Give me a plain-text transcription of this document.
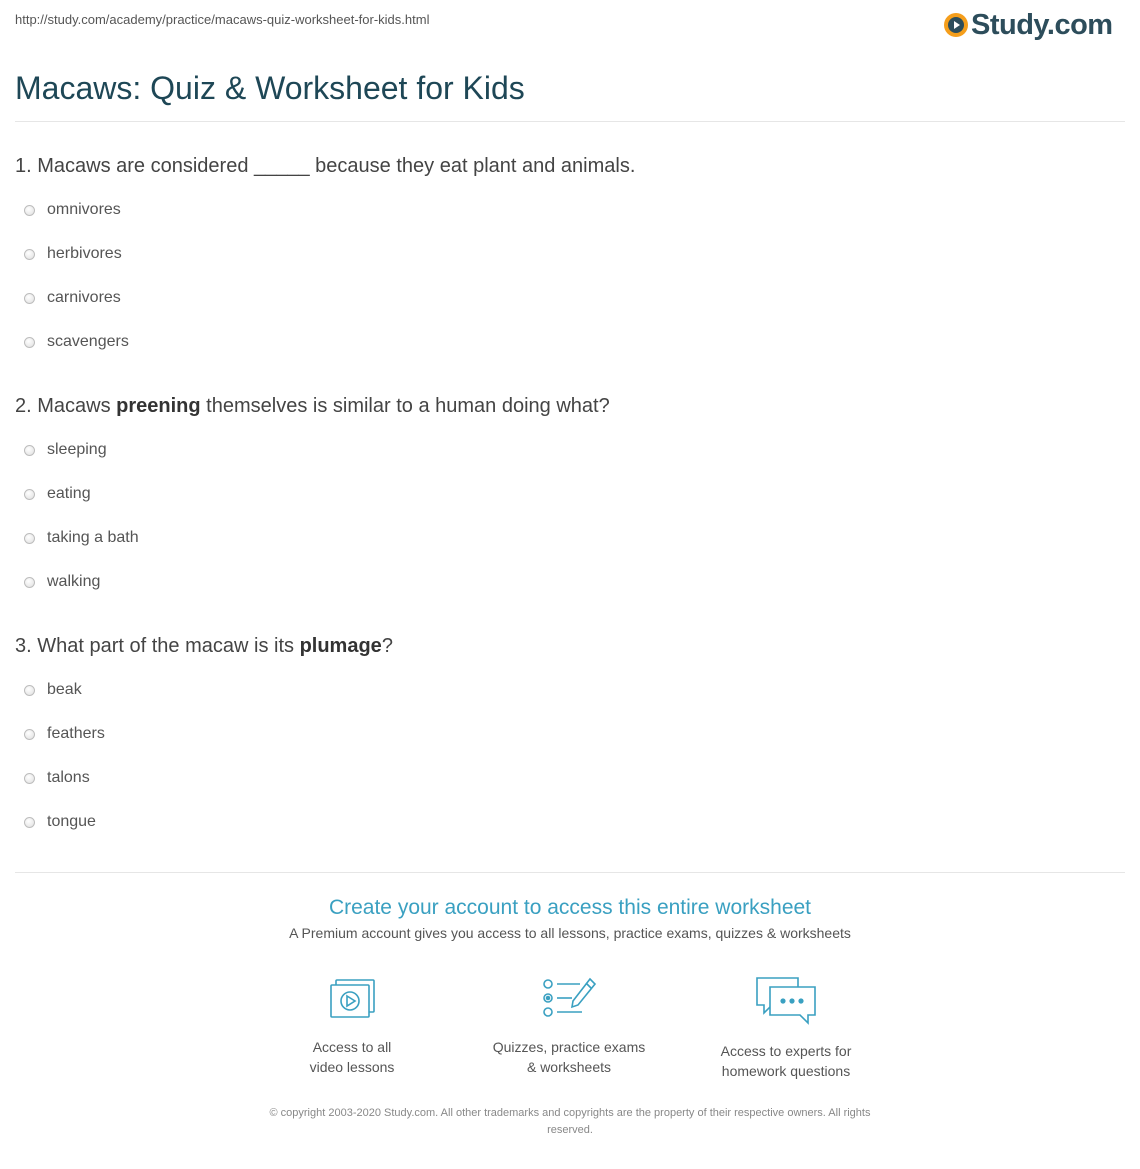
http://study.com/academy/practice/macaws-quiz-worksheet-for-kids.html	Study.com
Macaws: Quiz & Worksheet for Kids
1. Macaws are considered _____ because they eat plant and animals.
omnivores
herbivores
carnivores
scavengers
2. Macaws preening themselves is similar to a human doing what?
sleeping
eating
taking a bath
walking
3. What part of the macaw is its plumage?
beak
feathers
talons
tongue
Create your account to access this entire worksheet
A Premium account gives you access to all lessons, practice exams, quizzes & worksheets
Access to all
video lessons
Quizzes, practice exams
& worksheets
Access to experts for
homework questions
© copyright 2003-2020 Study.com. All other trademarks and copyrights are the property of their respective owners. All rights
reserved.
